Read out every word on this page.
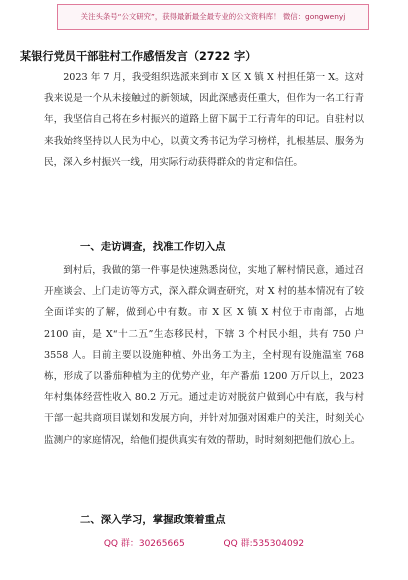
关注头条号“公文研究”，获得最新最全最专业的公文资料库！ 微信：gongwenyj
某银行党员干部驻村工作感悟发言（2722 字）

2023 年 7 月，我受组织选派来到市 X 区 X 镇 X 村担任第一 X。这对我来说是一个从未接触过的新领域，因此深感责任重大，但作为一名工行青年，我坚信自己将在乡村振兴的道路上留下属于工行青年的印记。自驻村以来我始终坚持以人民为中心，以黄文秀书记为学习榜样，扎根基层、服务为民，深入乡村振兴一线，用实际行动获得群众的肯定和信任。

一、走访调查，找准工作切入点

到村后，我做的第一件事是快速熟悉岗位，实地了解村情民意，通过召开座谈会、上门走访等方式，深入群众调查研究，对 X 村的基本情况有了较全面详实的了解，做到心中有数。市 X 区 X 镇 X 村位于市南部，占地 2100 亩，是 X“十二五”生态移民村，下辖 3 个村民小组，共有 750 户 3558 人。目前主要以设施种植、外出务工为主，全村现有设施温室 768 栋，形成了以番茄种植为主的优势产业，年产番茄 1200 万斤以上，2023 年村集体经营性收入 80.2 万元。通过走访对脱贫户做到心中有底，我与村干部一起共商项目谋划和发展方向，并针对加强对困难户的关注，时刻关心监测户的家庭情况，给他们提供真实有效的帮助，时时刻刻把他们放心上。

二、深入学习，掌握政策着重点
QQ 群：30265665	QQ 群:535304092
